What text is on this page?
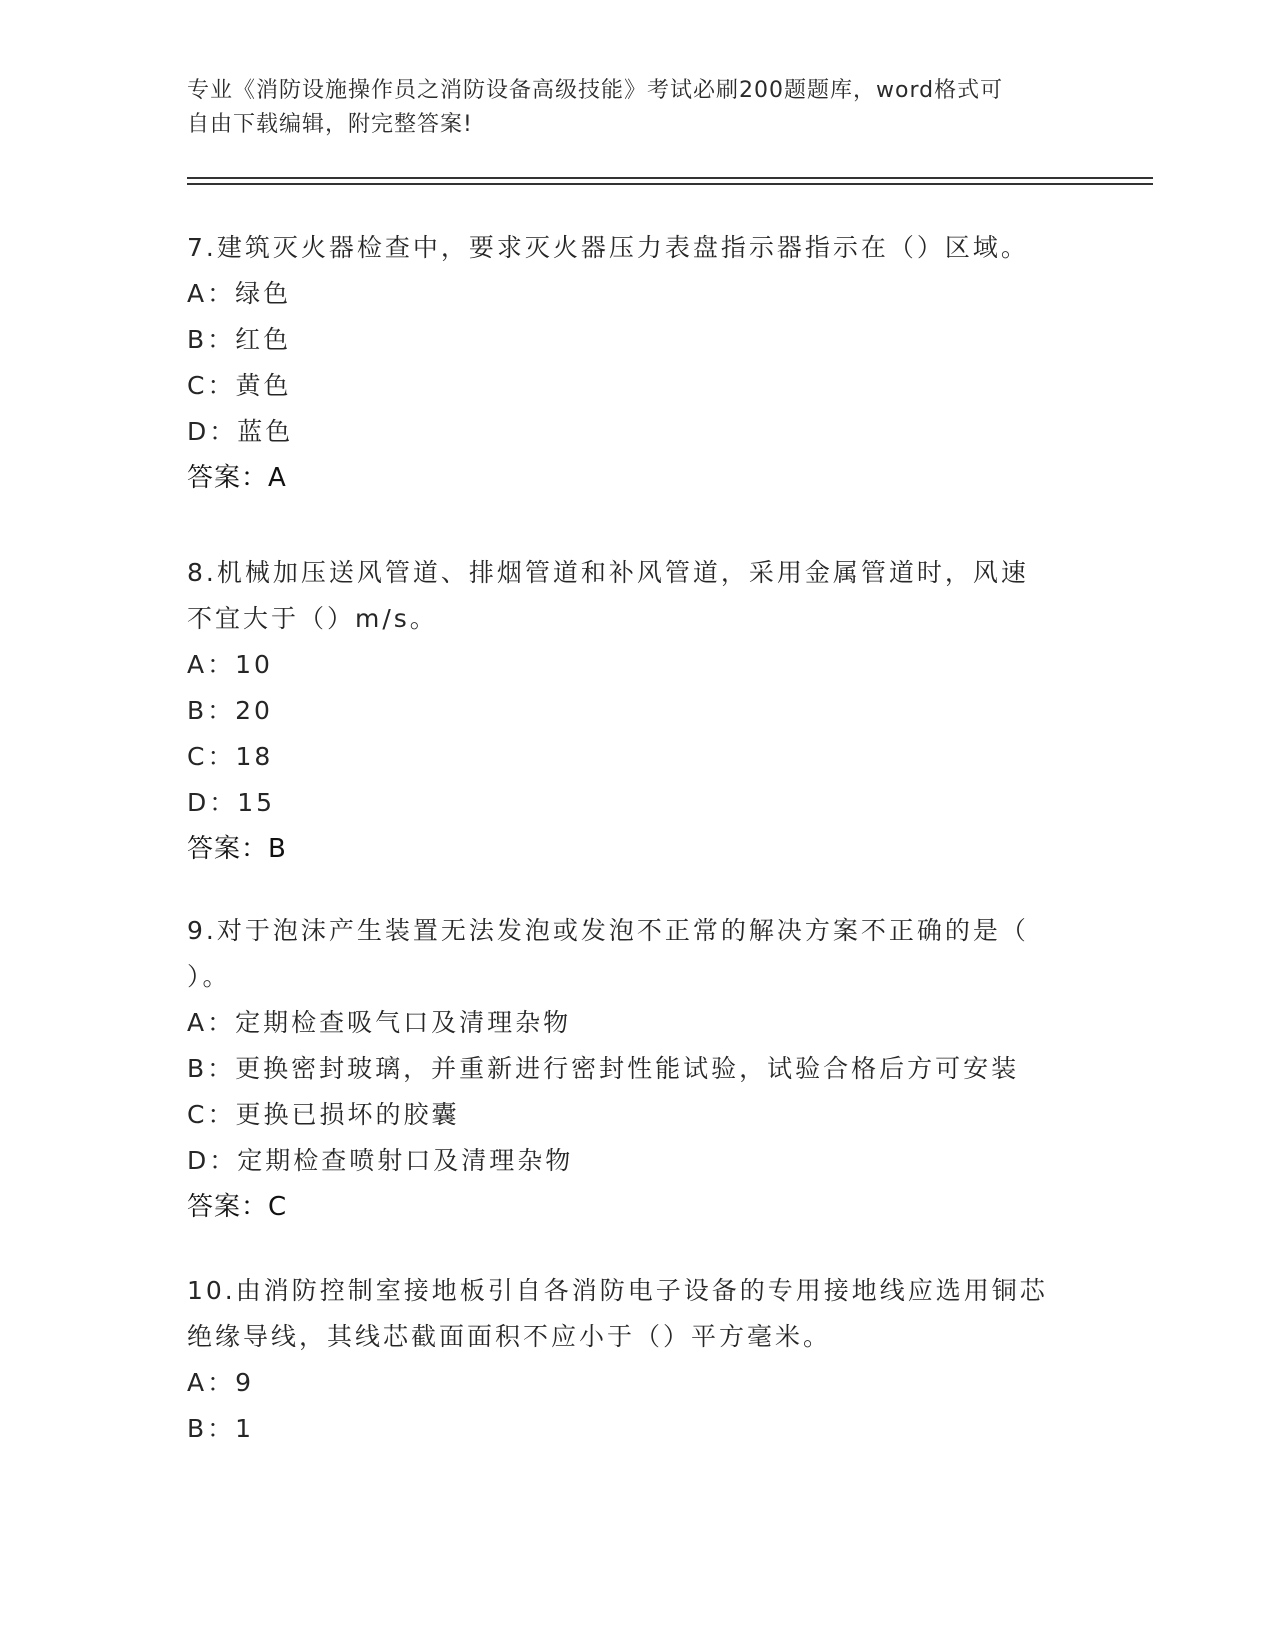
专业《消防设施操作员之消防设备高级技能》考试必刷200题题库，word格式可
自由下载编辑，附完整答案!
7.建筑灭火器检查中，要求灭火器压力表盘指示器指示在（）区域。
A：绿色
B：红色
C：黄色
D：蓝色
答案：A
8.机械加压送风管道、排烟管道和补风管道，采用金属管道时，风速
不宜大于（）m/s。
A：10
B：20
C：18
D：15
答案：B
9.对于泡沫产生装置无法发泡或发泡不正常的解决方案不正确的是（
）。
A：定期检查吸气口及清理杂物
B：更换密封玻璃，并重新进行密封性能试验，试验合格后方可安装
C：更换已损坏的胶囊
D：定期检查喷射口及清理杂物
答案：C
10.由消防控制室接地板引自各消防电子设备的专用接地线应选用铜芯
绝缘导线，其线芯截面面积不应小于（）平方毫米。
A：9
B：1
